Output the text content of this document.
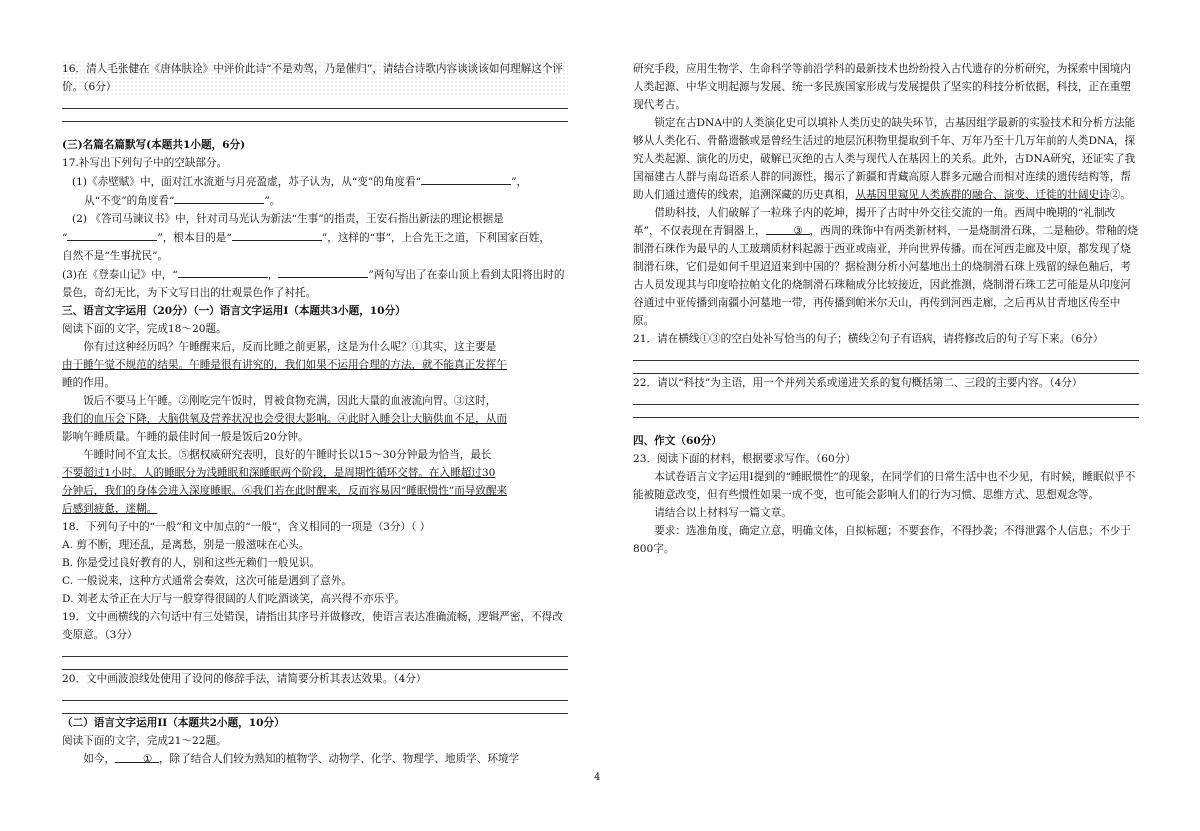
16．清人毛张健在《唐体肤诠》中评价此诗“不是劝驾，乃是催归”，请结合诗歌内容谈谈该如何理解这个评价。（6分）

(三)名篇名篇默写(本题共1小题，6分)

17.补写出下列句子中的空缺部分。

(1)《赤壁赋》中，面对江水流逝与月亮盈虚，苏子认为，从“变”的角度看“	”，

从“不变”的角度看“	”。

(2) 《答司马谏议书》中，针对司马光认为新法“生事”的指责，王安石指出新法的理论根据是

“	”，根本目的是“	”，这样的“事”，上合先王之道，下利国家百姓，

自然不是“生事扰民”。

(3)在《登泰山记》中，“	，	”两句写出了在泰山顶上看到太阳将出时的景色，奇幻无比，为下文写日出的壮观景色作了衬托。

三、语言文字运用（20分）（一）语言文字运用I（本题共3小题，10分）

阅读下面的文字，完成18～20题。

你有过这种经历吗？午睡醒来后，反而比睡之前更累，这是为什么呢？①其实，这主要是

由于睡午觉不规范的结果。午睡是很有讲究的，我们如果不运用合理的方法，就不能真正发挥午

睡的作用。

饭后不要马上午睡。②刚吃完午饭时，胃被食物充满，因此大量的血液流向胃。③这时，

我们的血压会下降，大脑供氧及营养状况也会受很大影响。④此时入睡会让大脑供血不足，从而

影响午睡质量。午睡的最佳时间一般是饭后20分钟。

午睡时间不宜太长。⑤据权威研究表明，良好的午睡时长以15～30分钟最为恰当，最长

不要超过1小时。人的睡眠分为浅睡眠和深睡眠两个阶段，是周期性循环交替。在入睡超过30

分钟后，我们的身体会进入深度睡眠。⑥我们若在此时醒来，反而容易因“睡眠惯性”而导致醒来

后感到疲惫，迷糊。

18．下列句子中的“一般”和文中加点的“一般”，含义相同的一项是（3分）（ ）

A. 剪不断，理还乱，是离愁，别是一般滋味在心头。

B. 你是受过良好教育的人，别和这些无赖们一般见识。

C. 一般说来，这种方式通常会奏效，这次可能是遇到了意外。

D. 刘老太爷正在大厅与一般穿得很阔的人们吃酒谈笑，高兴得不亦乐乎。

19．文中画横线的六句话中有三处错误，请指出其序号并做修改，使语言表达准确流畅，逻辑严密，不得改变原意。（3分）

20．文中画波浪线处使用了设问的修辞手法，请简要分析其表达效果。（4分）

（二）语言文字运用II（本题共2小题，10分）

阅读下面的文字，完成21～22题。

如今，	① ，除了结合人们较为熟知的植物学、动物学、化学、物理学、地质学、环境学

研究手段，应用生物学、生命科学等前沿学科的最新技术也纷纷投入古代遗存的分析研究，为探索中国境内人类起源、中华文明起源与发展、统一多民族国家形成与发展提供了坚实的科技分析依据，科技，正在重塑现代考古。

锁定在古DNA中的人类演化史可以填补人类历史的缺失环节，古基因组学最新的实验技术和分析方法能够从人类化石、骨骼遗骸或是曾经生活过的地层沉积物里提取到千年、万年乃至十几万年前的人类DNA，探究人类起源、演化的历史，破解已灭绝的古人类与现代人在基因上的关系。此外，古DNA研究，还证实了我国福建古人群与南岛语系人群的同源性，揭示了新疆和青藏高原人群多元融合而相对连续的遗传结构等，帮助人们通过遗传的线索，追溯深藏的历史真相，从基因里窥见人类族群的融合、演变、迁徙的壮阔史诗②。

借助科技，人们破解了一粒珠子内的乾坤，揭开了古时中外交往交流的一角。西周中晚期的“礼制改革”，不仅表现在青铜器上，	③ ，西周的珠饰中有两类新材料，一是烧制滑石珠，二是釉砂。带釉的烧制滑石珠作为最早的人工玻璃质材料起源于西亚或南亚，并向世界传播。而在河西走廊及中原，都发现了烧制滑石珠，它们是如何千里迢迢来到中国的？据检测分析小河墓地出土的烧制滑石珠上残留的绿色釉后，考古人员发现其与印度哈拉帕文化的烧制滑石珠釉成分比较接近，因此推测，烧制滑石珠工艺可能是从印度河谷通过中亚传播到南疆小河墓地一带，再传播到帕米尔天山，再传到河西走廊，之后再从甘青地区传至中原。

21．请在横线①③的空白处补写恰当的句子；横线②句子有语病，请将修改后的句子写下来。（6分）

22．请以“科技”为主语，用一个并列关系或递进关系的复句概括第二、三段的主要内容。（4分）

四、作文（60分）

23．阅读下面的材料，根据要求写作。（60分）

本试卷语言文字运用I提到的“睡眠惯性”的现象，在同学们的日常生活中也不少见，有时候，睡眠似乎不能被随意改变，但有些惯性如果一成不变，也可能会影响人们的行为习惯、思维方式、思想观念等。

请结合以上材料写一篇文章。

要求：选准角度，确定立意，明确文体，自拟标题；不要套作，不得抄袭；不得泄露个人信息；不少于800字。

4
